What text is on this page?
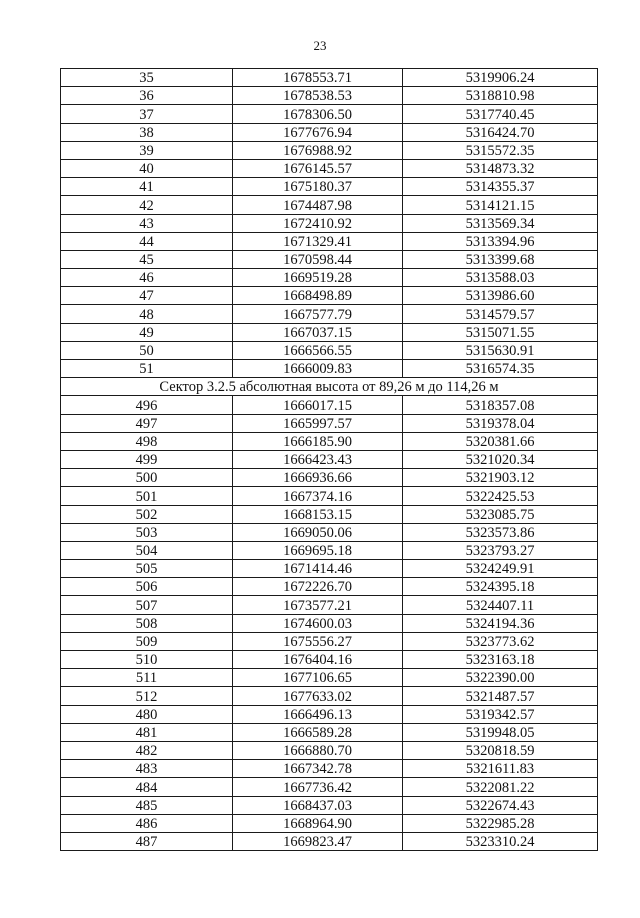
23
35	1678553.71	5319906.24
36	1678538.53	5318810.98
37	1678306.50	5317740.45
38	1677676.94	5316424.70
39	1676988.92	5315572.35
40	1676145.57	5314873.32
41	1675180.37	5314355.37
42	1674487.98	5314121.15
43	1672410.92	5313569.34
44	1671329.41	5313394.96
45	1670598.44	5313399.68
46	1669519.28	5313588.03
47	1668498.89	5313986.60
48	1667577.79	5314579.57
49	1667037.15	5315071.55
50	1666566.55	5315630.91
51	1666009.83	5316574.35
Сектор 3.2.5 абсолютная высота от 89,26 м до 114,26 м		
496	1666017.15	5318357.08
497	1665997.57	5319378.04
498	1666185.90	5320381.66
499	1666423.43	5321020.34
500	1666936.66	5321903.12
501	1667374.16	5322425.53
502	1668153.15	5323085.75
503	1669050.06	5323573.86
504	1669695.18	5323793.27
505	1671414.46	5324249.91
506	1672226.70	5324395.18
507	1673577.21	5324407.11
508	1674600.03	5324194.36
509	1675556.27	5323773.62
510	1676404.16	5323163.18
511	1677106.65	5322390.00
512	1677633.02	5321487.57
480	1666496.13	5319342.57
481	1666589.28	5319948.05
482	1666880.70	5320818.59
483	1667342.78	5321611.83
484	1667736.42	5322081.22
485	1668437.03	5322674.43
486	1668964.90	5322985.28
487	1669823.47	5323310.24
